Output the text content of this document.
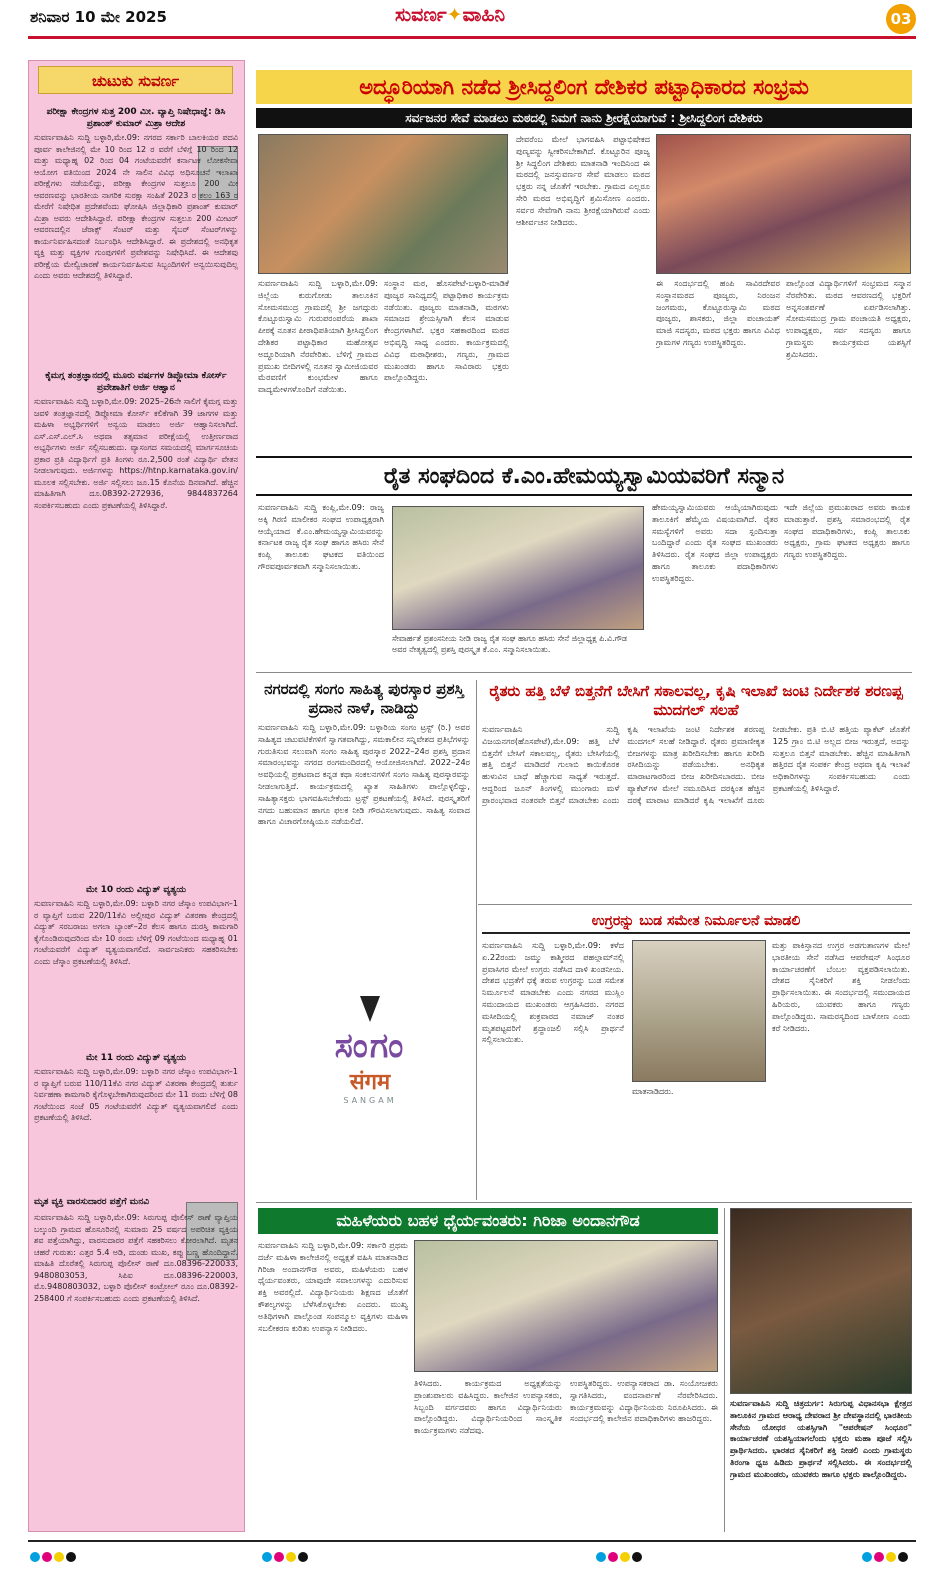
ಶನಿವಾರ 10 ಮೇ 2025	ಸುವರ್ಣ✦ವಾಹಿನಿ	03
ಚುಟುಕು ಸುವರ್ಣ
ಪರೀಕ್ಷಾ ಕೇಂದ್ರಗಳ ಸುತ್ತ 200 ಮೀ. ವ್ಯಾಪ್ತಿ ನಿಷೇಧಾಜ್ಞೆ: ಡಿಸಿ ಪ್ರಶಾಂತ್ ಕುಮಾರ್ ಮಿಶ್ರಾ ಆದೇಶ
ಸುವರ್ಣವಾಹಿನಿ ಸುದ್ದಿ ಬಳ್ಳಾರಿ,ಮೇ.09: ನಗರದ ಸರ್ಕಾರಿ ಬಾಲಕಿಯರ ಪದವಿ ಪೂರ್ವ ಕಾಲೇಜಿನಲ್ಲಿ ಮೇ 10 ರಿಂದ 12 ರ ವರೆಗೆ ಬೆಳಿಗ್ಗೆ 10 ರಿಂದ 12 ಮತ್ತು ಮಧ್ಯಾಹ್ನ 02 ರಿಂದ 04 ಗಂಟೆಯವರೆಗೆ ಕರ್ನಾಟಕ ಲೋಕಸೇವಾ ಆಯೋಗ ವತಿಯಿಂದ 2024 ನೇ ಸಾಲಿನ ವಿವಿಧ ಅಧಿಸೂಚನೆ ಇಲಾಖಾ ಪರೀಕ್ಷೆಗಳು ನಡೆಯಲಿದ್ದು, ಪರೀಕ್ಷಾ ಕೇಂದ್ರಗಳ ಸುತ್ತಲೂ 200 ಮೀ ಆವರಣವನ್ನು ಭಾರತೀಯ ನಾಗರಿಕ ಸುರಕ್ಷಾ ಸಂಹಿತೆ 2023 ರ ಕಲಂ 163 ರ ಮೇರೆಗೆ ನಿಷೇಧಿತ ಪ್ರದೇಶವೆಂದು ಘೋಷಿಸಿ ಜಿಲ್ಲಾಧಿಕಾರಿ ಪ್ರಶಾಂತ್ ಕುಮಾರ್ ಮಿಶ್ರಾ ಅವರು ಆದೇಶಿಸಿದ್ದಾರೆ. ಪರೀಕ್ಷಾ ಕೇಂದ್ರಗಳ ಸುತ್ತಲೂ 200 ಮೀಟರ್ ಆವರಣದಲ್ಲಿನ ಜೆರಾಕ್ಸ್ ಸೆಂಟರ್ ಮತ್ತು ಸೈಬರ್ ಸೆಂಟರ್‌ಗಳನ್ನು ಕಾರ್ಯನಿರ್ವಹಿಸದಂತೆ ನಿರ್ಬಂಧಿಸಿ ಆದೇಶಿಸಿದ್ದಾರೆ. ಈ ಪ್ರದೇಶದಲ್ಲಿ ಅನಧಿಕೃತ ವ್ಯಕ್ತಿ ಮತ್ತು ವ್ಯಕ್ತಿಗಳ ಗುಂಪುಗಳಿಗೆ ಪ್ರವೇಶವನ್ನು ನಿಷೇಧಿಸಿದೆ. ಈ ಆದೇಶವು ಪರೀಕ್ಷೆಯ ಮೇಲ್ವಿಚಾರಣೆ ಕಾರ್ಯನಿರ್ವಹಿಸುವ ಸಿಬ್ಬಂದಿಗಳಿಗೆ ಅನ್ವಯಿಸುವುದಿಲ್ಲ ಎಂದು ಅವರು ಆದೇಶದಲ್ಲಿ ತಿಳಿಸಿದ್ದಾರೆ.
ಕೈಮಗ್ಗ ತಂತ್ರಜ್ಞಾನದಲ್ಲಿ ಮೂರು ವರ್ಷಗಳ ಡಿಪ್ಲೋಮಾ ಕೋರ್ಸ್ ಪ್ರವೇಶಾತಿಗೆ ಅರ್ಜಿ ಆಹ್ವಾನ
ಸುವರ್ಣವಾಹಿನಿ ಸುದ್ದಿ ಬಳ್ಳಾರಿ,ಮೇ.09: 2025–26ನೇ ಸಾಲಿಗೆ ಕೈಮಗ್ಗ ಮತ್ತು ಜವಳಿ ತಂತ್ರಜ್ಞಾನದಲ್ಲಿ ಡಿಪ್ಲೋಮಾ ಕೋರ್ಸ್ ಕಲಿಕೆಗಾಗಿ 39 ಜಾಗಗಳ ಮತ್ತು ಮಹಿಳಾ ಅಭ್ಯರ್ಥಿಗಳಿಗೆ ಅನ್ವಯ ಮಾಡಲು ಅರ್ಜಿ ಆಹ್ವಾನಿಸಲಾಗಿದೆ. ಎಸ್.ಎಸ್.ಎಲ್.ಸಿ ಅಥವಾ ತತ್ಸಮಾನ ಪರೀಕ್ಷೆಯಲ್ಲಿ ಉತ್ತೀರ್ಣರಾದ ಅಭ್ಯರ್ಥಿಗಳು ಅರ್ಜಿ ಸಲ್ಲಿಸಬಹುದು. ವ್ಯಾಸಂಗದ ಸಮಯದಲ್ಲಿ ಮಾರ್ಗಸೂಚಿಯ ಪ್ರಕಾರ ಪ್ರತಿ ವಿದ್ಯಾರ್ಥಿಗೆ ಪ್ರತಿ ತಿಂಗಳು ರೂ.2,500 ರಂತೆ ವಿದ್ಯಾರ್ಥಿ ವೇತನ ನೀಡಲಾಗುವುದು. ಅರ್ಜಿಗಳನ್ನು https://htnp.karnataka.gov.in/ ಮೂಲಕ ಸಲ್ಲಿಸಬೇಕು. ಅರ್ಜಿ ಸಲ್ಲಿಸಲು ಜೂ.15 ಕೊನೆಯ ದಿನವಾಗಿದೆ. ಹೆಚ್ಚಿನ ಮಾಹಿತಿಗಾಗಿ ದೂ.08392-272936, 9844837264 ಸಂಪರ್ಕಿಸಬಹುದು ಎಂದು ಪ್ರಕಟಣೆಯಲ್ಲಿ ತಿಳಿಸಿದ್ದಾರೆ.
ಮೇ 10 ರಂದು ವಿದ್ಯುತ್ ವ್ಯತ್ಯಯ
ಸುವರ್ಣವಾಹಿನಿ ಸುದ್ದಿ ಬಳ್ಳಾರಿ,ಮೇ.09: ಬಳ್ಳಾರಿ ನಗರ ಜೆಸ್ಕಾಂ ಉಪವಿಭಾಗ–1 ರ ವ್ಯಾಪ್ತಿಗೆ ಬರುವ 220/11ಕೆವಿ ಅಲ್ಲೀಪುರ ವಿದ್ಯುತ್ ವಿತರಣಾ ಕೇಂದ್ರದಲ್ಲಿ ವಿದ್ಯುತ್ ಸರಬರಾಜು ಅಗಲಾ ಬ್ಯಾಂಕ್–2ರ ಕೆಲಸ ಹಾಗೂ ದುರಸ್ತಿ ಕಾಮಗಾರಿ ಕೈಗೊಂಡಿರುವುದರಿಂದ ಮೇ 10 ರಂದು ಬೆಳಿಗ್ಗೆ 09 ಗಂಟೆಯಿಂದ ಮಧ್ಯಾಹ್ನ 01 ಗಂಟೆಯವರೆಗೆ ವಿದ್ಯುತ್ ವ್ಯತ್ಯಯವಾಗಲಿದೆ. ಸಾರ್ವಜನಿಕರು ಸಹಕರಿಸಬೇಕು ಎಂದು ಜೆಸ್ಕಾಂ ಪ್ರಕಟಣೆಯಲ್ಲಿ ತಿಳಿಸಿದೆ.
ಮೇ 11 ರಂದು ವಿದ್ಯುತ್ ವ್ಯತ್ಯಯ
ಸುವರ್ಣವಾಹಿನಿ ಸುದ್ದಿ ಬಳ್ಳಾರಿ,ಮೇ.09: ಬಳ್ಳಾರಿ ನಗರ ಜೆಸ್ಕಾಂ ಉಪವಿಭಾಗ–1 ರ ವ್ಯಾಪ್ತಿಗೆ ಬರುವ 110/11ಕೆವಿ ನಗರ ವಿದ್ಯುತ್ ವಿತರಣಾ ಕೇಂದ್ರದಲ್ಲಿ ತುರ್ತು ನಿರ್ವಹಣಾ ಕಾಮಗಾರಿ ಕೈಗೊಳ್ಳಬೇಕಾಗಿರುವುದರಿಂದ ಮೇ 11 ರಂದು ಬೆಳಿಗ್ಗೆ 08 ಗಂಟೆಯಿಂದ ಸಂಜೆ 05 ಗಂಟೆಯವರೆಗೆ ವಿದ್ಯುತ್ ವ್ಯತ್ಯಯವಾಗಲಿದೆ ಎಂದು ಪ್ರಕಟಣೆಯಲ್ಲಿ ತಿಳಿಸಿದೆ.
ಮೃತ ವ್ಯಕ್ತಿ ವಾರಸುದಾರರ ಪತ್ತೆಗೆ ಮನವಿ
ಸುವರ್ಣವಾಹಿನಿ ಸುದ್ದಿ ಬಳ್ಳಾರಿ,ಮೇ.09: ಸಿರುಗುಪ್ಪ ಪೊಲೀಸ್ ಠಾಣೆ ವ್ಯಾಪ್ತಿಯ ಬಲ್ಕುಂದಿ ಗ್ರಾಮದ ಹೊಸೂರಿನಲ್ಲಿ ಸುಮಾರು 25 ವರ್ಷದ ಅಪರಿಚಿತ ವ್ಯಕ್ತಿಯ ಶವ ಪತ್ತೆಯಾಗಿದ್ದು, ವಾರಸುದಾರರ ಪತ್ತೆಗೆ ಸಹಕರಿಸಲು ಕೋರಲಾಗಿದೆ. ಮೃತನ ಚಹರೆ ಗುರುತು: ಎತ್ತರ 5.4 ಅಡಿ, ದುಂಡು ಮುಖ, ಕಪ್ಪು ಬಣ್ಣ ಹೊಂದಿದ್ದಾನೆ. ಮಾಹಿತಿ ದೊರೆತಲ್ಲಿ ಸಿರುಗುಪ್ಪ ಪೊಲೀಸ್ ಠಾಣೆ ದೂ.08396-220033, 9480803053, ಸಿಪಿಐ ದೂ.08396-220003, ಮೊ.9480803032, ಬಳ್ಳಾರಿ ಪೊಲೀಸ್ ಕಂಟ್ರೋಲ್ ರೂಂ ದೂ.08392-258400 ಗೆ ಸಂಪರ್ಕಿಸಬಹುದು ಎಂದು ಪ್ರಕಟಣೆಯಲ್ಲಿ ತಿಳಿಸಿದೆ.
ಅದ್ಧೂರಿಯಾಗಿ ನಡೆದ ಶ್ರೀಸಿದ್ದಲಿಂಗ ದೇಶಿಕರ ಪಟ್ಟಾಧಿಕಾರದ ಸಂಭ್ರಮ
ಸರ್ವಜನರ ಸೇವೆ ಮಾಡಲು ಮಠದಲ್ಲಿ ನಿಮಗೆ ನಾನು ಶ್ರೀರಕ್ಷೆಯಾಗುವೆ : ಶ್ರೀಸಿದ್ದಲಿಂಗ ದೇಶಿಕರು
ಸುವರ್ಣವಾಹಿನಿ ಸುದ್ದಿ ಬಳ್ಳಾರಿ,ಮೇ.09: ಜಿಲ್ಲೆಯ ಕುರುಗೋಡು ತಾಲೂಕಿನ ಸೋಮಸಮುದ್ರ ಗ್ರಾಮದಲ್ಲಿ ಶ್ರೀ ಜಗದ್ಗುರು ಕೊಟ್ಟೂರುಸ್ವಾಮಿ ಗುರುಪರಂಪರೆಯ ಶಾಖಾ ಪೀಠಕ್ಕೆ ನೂತನ ಪೀಠಾಧಿಪತಿಯಾಗಿ ಶ್ರೀಸಿದ್ದಲಿಂಗ ದೇಶಿಕರ ಪಟ್ಟಾಧಿಕಾರ ಮಹೋತ್ಸವ ಅದ್ಧೂರಿಯಾಗಿ ನೆರವೇರಿತು. ಬೆಳಿಗ್ಗೆ ಗ್ರಾಮದ ಪ್ರಮುಖ ಬೀದಿಗಳಲ್ಲಿ ನೂತನ ಸ್ವಾಮೀಜಿಯವರ ಮೆರವಣಿಗೆ ಕುಂಭಮೇಳ ಹಾಗೂ ವಾದ್ಯಮೇಳಗಳೊಂದಿಗೆ ನಡೆಯಿತು.
ಸಂಸ್ಥಾನ ಮಠ, ಹೊಸಪೇಟೆ-ಬಳ್ಳಾರಿ-ಮಾಡಿಕೆ ಪೂಜ್ಯರ ಸಾನಿಧ್ಯದಲ್ಲಿ ಪಟ್ಟಾಧಿಕಾರ ಕಾರ್ಯಕ್ರಮ ನಡೆಯಿತು. ಪೂಜ್ಯರು ಮಾತನಾಡಿ, ಮಠಗಳು ಸಮಾಜದ ಶ್ರೇಯಸ್ಸಿಗಾಗಿ ಕೆಲಸ ಮಾಡುವ ಕೇಂದ್ರಗಳಾಗಿವೆ. ಭಕ್ತರ ಸಹಕಾರದಿಂದ ಮಠದ ಅಭಿವೃದ್ಧಿ ಸಾಧ್ಯ ಎಂದರು. ಕಾರ್ಯಕ್ರಮದಲ್ಲಿ ವಿವಿಧ ಮಠಾಧೀಶರು, ಗಣ್ಯರು, ಗ್ರಾಮದ ಮುಖಂಡರು ಹಾಗೂ ಸಾವಿರಾರು ಭಕ್ತರು ಪಾಲ್ಗೊಂಡಿದ್ದರು.
ದೇವರೆಂಬ ಮೇಲೆ ಭಾಗವಹಿಸಿ ಪಟ್ಟಾಭಿಷೇಕದ ಪುಣ್ಯವನ್ನು ಸ್ವೀಕರಿಸಬೇಕಾಗಿದೆ. ಕೊಟ್ಟೂರಿನ ಪೂಜ್ಯ ಶ್ರೀ ಸಿದ್ಧಲಿಂಗ ದೇಶಿಕರು ಮಾತನಾಡಿ ಇಂದಿನಿಂದ ಈ ಮಠದಲ್ಲಿ ಜನಸ್ಸುವರ್ಣರ ಸೇವೆ ಮಾಡಲು ಮಠದ ಭಕ್ತರು ನನ್ನ ಜೊತೆಗೆ ಇರಬೇಕು. ಗ್ರಾಮದ ಎಲ್ಲರೂ ಸೇರಿ ಮಠದ ಅಭಿವೃದ್ಧಿಗೆ ಶ್ರಮಿಸೋಣ ಎಂದರು. ಸರ್ವರ ಸೇವೆಗಾಗಿ ನಾನು ಶ್ರೀರಕ್ಷೆಯಾಗಿರುವೆ ಎಂದು ಆಶೀರ್ವಚನ ನೀಡಿದರು.
ಈ ಸಂದರ್ಭದಲ್ಲಿ ಹಂಪಿ ಸಾವಿರದೇವರ ಸಂಸ್ಥಾನಮಠದ ಪೂಜ್ಯರು, ನಿರಂಜನ ಜಂಗಮರು, ಕೊಟ್ಟೂರುಸ್ವಾಮಿ ಮಠದ ಪೂಜ್ಯರು, ಶಾಸಕರು, ಜಿಲ್ಲಾ ಪಂಚಾಯತ್ ಮಾಜಿ ಸದಸ್ಯರು, ಮಠದ ಭಕ್ತರು ಹಾಗೂ ವಿವಿಧ ಗ್ರಾಮಗಳ ಗಣ್ಯರು ಉಪಸ್ಥಿತರಿದ್ದರು.
ಪಾಲ್ಗೊಂಡ ವಿದ್ಯಾರ್ಥಿಗಳಿಗೆ ಸಂಭ್ರಮದ ಸನ್ಮಾನ ನೆರವೇರಿತು. ಮಠದ ಆವರಣದಲ್ಲಿ ಭಕ್ತರಿಗೆ ಅನ್ನಸಂತರ್ಪಣೆ ಏರ್ಪಡಿಸಲಾಗಿತ್ತು. ಸೋಮಸಮುದ್ರ ಗ್ರಾಮ ಪಂಚಾಯತಿ ಅಧ್ಯಕ್ಷರು, ಉಪಾಧ್ಯಕ್ಷರು, ಸರ್ವ ಸದಸ್ಯರು ಹಾಗೂ ಗ್ರಾಮಸ್ಥರು ಕಾರ್ಯಕ್ರಮದ ಯಶಸ್ಸಿಗೆ ಶ್ರಮಿಸಿದರು.
ರೈತ ಸಂಘದಿಂದ ಕೆ.ಎಂ.ಹೇಮಯ್ಯಸ್ವಾಮಿಯವರಿಗೆ ಸನ್ಮಾನ
ಸುವರ್ಣವಾಹಿನಿ ಸುದ್ದಿ ಕಂಪ್ಲಿ,ಮೇ.09: ರಾಜ್ಯ ಅಕ್ಕಿ ಗಿರಣಿ ಮಾಲೀಕರ ಸಂಘದ ಉಪಾಧ್ಯಕ್ಷರಾಗಿ ಆಯ್ಕೆಯಾದ ಕೆ.ಎಂ.ಹೇಮಯ್ಯಸ್ವಾಮಿಯವರನ್ನು ಕರ್ನಾಟಕ ರಾಜ್ಯ ರೈತ ಸಂಘ ಹಾಗೂ ಹಸಿರು ಸೇನೆ ಕಂಪ್ಲಿ ತಾಲೂಕು ಘಟಕದ ವತಿಯಿಂದ ಗೌರವಪೂರ್ವಕವಾಗಿ ಸನ್ಮಾನಿಸಲಾಯಿತು.
ಸೇವಾರ್ಹತೆ ಪ್ರಶಂಸನೀಯ ನೀಡಿ ರಾಜ್ಯ ರೈತ ಸಂಘ ಹಾಗೂ ಹಸಿರು ಸೇನೆ ಜಿಲ್ಲಾಧ್ಯಕ್ಷ ಪಿ.ವಿ.ಗೌಡ ಅವರ ನೇತೃತ್ವದಲ್ಲಿ ಪ್ರಶಸ್ತಿ ಪುರಸ್ಕೃತ ಕೆ.ಎಂ. ಸನ್ಮಾನಿಸಲಾಯಿತು.
ಹೇಮಯ್ಯಸ್ವಾಮಿಯವರು ಆಯ್ಕೆಯಾಗಿರುವುದು ತಾಲೂಕಿಗೆ ಹೆಮ್ಮೆಯ ವಿಷಯವಾಗಿದೆ. ರೈತರ ಸಮಸ್ಯೆಗಳಿಗೆ ಅವರು ಸದಾ ಸ್ಪಂದಿಸುತ್ತಾ ಬಂದಿದ್ದಾರೆ ಎಂದು ರೈತ ಸಂಘದ ಮುಖಂಡರು ತಿಳಿಸಿದರು. ರೈತ ಸಂಘದ ಜಿಲ್ಲಾ ಉಪಾಧ್ಯಕ್ಷರು ಹಾಗೂ ತಾಲೂಕು ಪದಾಧಿಕಾರಿಗಳು ಉಪಸ್ಥಿತರಿದ್ದರು.
ಇದೇ ಜಿಲ್ಲೆಯ ಪ್ರಮುಖರಾದ ಅವರು ಕಾಯಕ ಮಾಡುತ್ತಾರೆ. ಪ್ರಶಸ್ತಿ ಸಮಾರಂಭದಲ್ಲಿ ರೈತ ಸಂಘದ ಪದಾಧಿಕಾರಿಗಳು, ಕಂಪ್ಲಿ ತಾಲೂಕು ಅಧ್ಯಕ್ಷರು, ಗ್ರಾಮ ಘಟಕದ ಅಧ್ಯಕ್ಷರು ಹಾಗೂ ಗಣ್ಯರು ಉಪಸ್ಥಿತರಿದ್ದರು.
ನಗರದಲ್ಲಿ ಸಂಗಂ ಸಾಹಿತ್ಯ ಪುರಸ್ಕಾರ ಪ್ರಶಸ್ತಿ ಪ್ರದಾನ ನಾಳೆ, ನಾಡಿದ್ದು
ಸುವರ್ಣವಾಹಿನಿ ಸುದ್ದಿ ಬಳ್ಳಾರಿ,ಮೇ.09: ಬಳ್ಳಾರಿಯ ಸಂಗಂ ಟ್ರಸ್ಟ್ (ರಿ.) ಅವರ ಸಾಹಿತ್ಯದ ಚಟುವಟಿಕೆಗಳಿಗೆ ಸ್ವಾಗತವಾಗಿದ್ದು, ಸಮಕಾಲೀನ ಸನ್ನಿವೇಶದ ಪ್ರತಿಭೆಗಳನ್ನು ಗುರುತಿಸುವ ಸಲುವಾಗಿ ಸಂಗಂ ಸಾಹಿತ್ಯ ಪುರಸ್ಕಾರ 2022–24ರ ಪ್ರಶಸ್ತಿ ಪ್ರದಾನ ಸಮಾರಂಭವನ್ನು ನಗರದ ರಂಗಮಂದಿರದಲ್ಲಿ ಆಯೋಜಿಸಲಾಗಿದೆ. 2022–24ರ ಅವಧಿಯಲ್ಲಿ ಪ್ರಕಟವಾದ ಕನ್ನಡ ಕಥಾ ಸಂಕಲನಗಳಿಗೆ ಸಂಗಂ ಸಾಹಿತ್ಯ ಪುರಸ್ಕಾರವನ್ನು ನೀಡಲಾಗುತ್ತಿದೆ. ಕಾರ್ಯಕ್ರಮದಲ್ಲಿ ಖ್ಯಾತ ಸಾಹಿತಿಗಳು ಪಾಲ್ಗೊಳ್ಳಲಿದ್ದು, ಸಾಹಿತ್ಯಾಸಕ್ತರು ಭಾಗವಹಿಸಬೇಕೆಂದು ಟ್ರಸ್ಟ್ ಪ್ರಕಟಣೆಯಲ್ಲಿ ತಿಳಿಸಿದೆ. ಪುರಸ್ಕೃತರಿಗೆ ನಗದು ಬಹುಮಾನ ಹಾಗೂ ಫಲಕ ನೀಡಿ ಗೌರವಿಸಲಾಗುವುದು. ಸಾಹಿತ್ಯ ಸಂವಾದ ಹಾಗೂ ವಿಚಾರಗೋಷ್ಠಿಯೂ ನಡೆಯಲಿದೆ.
ಸಂಗಂ
संगम
SANGAM
ರೈತರು ಹತ್ತಿ ಬೆಳೆ ಬಿತ್ತನೆಗೆ ಬೇಸಿಗೆ ಸಕಾಲವಲ್ಲ, ಕೃಷಿ ಇಲಾಖೆ ಜಂಟಿ ನಿರ್ದೇಶಕ ಶರಣಪ್ಪ ಮುದಗಲ್ ಸಲಹೆ
ಸುವರ್ಣವಾಹಿನಿ ಸುದ್ದಿ ವಿಜಯನಗರ(ಹೊಸಪೇಟೆ),ಮೇ.09: ಹತ್ತಿ ಬೆಳೆ ಬಿತ್ತನೆಗೆ ಬೇಸಿಗೆ ಸಕಾಲವಲ್ಲ, ರೈತರು ಬೇಸಿಗೆಯಲ್ಲಿ ಹತ್ತಿ ಬಿತ್ತನೆ ಮಾಡಿದರೆ ಗುಲಾಬಿ ಕಾಯಿಕೊರಕ ಹುಳುವಿನ ಬಾಧೆ ಹೆಚ್ಚಾಗುವ ಸಾಧ್ಯತೆ ಇರುತ್ತದೆ. ಆದ್ದರಿಂದ ಜೂನ್ ತಿಂಗಳಲ್ಲಿ ಮುಂಗಾರು ಮಳೆ ಪ್ರಾರಂಭವಾದ ನಂತರವೇ ಬಿತ್ತನೆ ಮಾಡಬೇಕು ಎಂದು ಕೃಷಿ ಇಲಾಖೆಯ ಜಂಟಿ ನಿರ್ದೇಶಕ ಶರಣಪ್ಪ ಮುದಗಲ್ ಸಲಹೆ ನೀಡಿದ್ದಾರೆ. ರೈತರು ಪ್ರಮಾಣೀಕೃತ ಬೀಜಗಳನ್ನು ಮಾತ್ರ ಖರೀದಿಸಬೇಕು ಹಾಗೂ ಖರೀದಿ ರಸೀದಿಯನ್ನು ಪಡೆಯಬೇಕು. ಅನಧಿಕೃತ ಮಾರಾಟಗಾರರಿಂದ ಬೀಜ ಖರೀದಿಸಬಾರದು. ಬೀಜ ಪ್ಯಾಕೆಟ್‌ಗಳ ಮೇಲೆ ನಮೂದಿಸಿದ ದರಕ್ಕಿಂತ ಹೆಚ್ಚಿನ ದರಕ್ಕೆ ಮಾರಾಟ ಮಾಡಿದರೆ ಕೃಷಿ ಇಲಾಖೆಗೆ ದೂರು ನೀಡಬೇಕು. ಪ್ರತಿ ಬಿ.ಟಿ ಹತ್ತಿಯ ಪ್ಯಾಕೆಟ್ ಜೊತೆಗೆ 125 ಗ್ರಾಂ ಬಿ.ಟಿ ಅಲ್ಲದ ಬೀಜ ಇರುತ್ತದೆ, ಅದನ್ನು ಸುತ್ತಲೂ ಬಿತ್ತನೆ ಮಾಡಬೇಕು. ಹೆಚ್ಚಿನ ಮಾಹಿತಿಗಾಗಿ ಹತ್ತಿರದ ರೈತ ಸಂಪರ್ಕ ಕೇಂದ್ರ ಅಥವಾ ಕೃಷಿ ಇಲಾಖೆ ಅಧಿಕಾರಿಗಳನ್ನು ಸಂಪರ್ಕಿಸಬಹುದು ಎಂದು ಪ್ರಕಟಣೆಯಲ್ಲಿ ತಿಳಿಸಿದ್ದಾರೆ.
ಉಗ್ರರನ್ನು ಬುಡ ಸಮೇತ ನಿರ್ಮೂಲನೆ ಮಾಡಲಿ
ಸುವರ್ಣವಾಹಿನಿ ಸುದ್ದಿ ಬಳ್ಳಾರಿ,ಮೇ.09: ಕಳೆದ ಏ.22ರಂದು ಜಮ್ಮು ಕಾಶ್ಮೀರದ ಪಹಲ್ಗಾಮ್‌ನಲ್ಲಿ ಪ್ರವಾಸಿಗರ ಮೇಲೆ ಉಗ್ರರು ನಡೆಸಿದ ದಾಳಿ ಖಂಡನೀಯ. ದೇಶದ ಭದ್ರತೆಗೆ ಧಕ್ಕೆ ತರುವ ಉಗ್ರರನ್ನು ಬುಡ ಸಮೇತ ನಿರ್ಮೂಲನೆ ಮಾಡಬೇಕು ಎಂದು ನಗರದ ಮುಸ್ಲಿಂ ಸಮುದಾಯದ ಮುಖಂಡರು ಆಗ್ರಹಿಸಿದರು. ನಗರದ ಮಸೀದಿಯಲ್ಲಿ ಶುಕ್ರವಾರದ ನಮಾಜ್ ನಂತರ ಮೃತಪಟ್ಟವರಿಗೆ ಶ್ರದ್ಧಾಂಜಲಿ ಸಲ್ಲಿಸಿ ಪ್ರಾರ್ಥನೆ ಸಲ್ಲಿಸಲಾಯಿತು.
ಮಾತನಾಡಿದರು.
ಮತ್ತು ಪಾಕಿಸ್ತಾನದ ಉಗ್ರರ ಅಡಗುತಾಣಗಳ ಮೇಲೆ ಭಾರತೀಯ ಸೇನೆ ನಡೆಸಿದ ಆಪರೇಷನ್ ಸಿಂಧೂರ ಕಾರ್ಯಾಚರಣೆಗೆ ಬೆಂಬಲ ವ್ಯಕ್ತಪಡಿಸಲಾಯಿತು. ದೇಶದ ಸೈನಿಕರಿಗೆ ಶಕ್ತಿ ನೀಡಲೆಂದು ಪ್ರಾರ್ಥಿಸಲಾಯಿತು. ಈ ಸಂದರ್ಭದಲ್ಲಿ ಸಮುದಾಯದ ಹಿರಿಯರು, ಯುವಕರು ಹಾಗೂ ಗಣ್ಯರು ಪಾಲ್ಗೊಂಡಿದ್ದರು. ಸಾಮರಸ್ಯದಿಂದ ಬಾಳೋಣ ಎಂದು ಕರೆ ನೀಡಿದರು.
ಮಹಿಳೆಯರು ಬಹಳ ಧೈರ್ಯವಂತರು: ಗಿರಿಜಾ ಅಂದಾನಗೌಡ
ಸುವರ್ಣವಾಹಿನಿ ಸುದ್ದಿ ಬಳ್ಳಾರಿ,ಮೇ.09: ಸರ್ಕಾರಿ ಪ್ರಥಮ ದರ್ಜೆ ಮಹಿಳಾ ಕಾಲೇಜಿನಲ್ಲಿ ಅಧ್ಯಕ್ಷತೆ ವಹಿಸಿ ಮಾತನಾಡಿದ ಗಿರಿಜಾ ಅಂದಾನಗೌಡ ಅವರು, ಮಹಿಳೆಯರು ಬಹಳ ಧೈರ್ಯವಂತರು, ಯಾವುದೇ ಸವಾಲುಗಳನ್ನು ಎದುರಿಸುವ ಶಕ್ತಿ ಅವರಲ್ಲಿದೆ. ವಿದ್ಯಾರ್ಥಿನಿಯರು ಶಿಕ್ಷಣದ ಜೊತೆಗೆ ಕೌಶಲ್ಯಗಳನ್ನು ಬೆಳೆಸಿಕೊಳ್ಳಬೇಕು ಎಂದರು. ಮುಖ್ಯ ಅತಿಥಿಗಳಾಗಿ ಪಾಲ್ಗೊಂಡ ಸಂಪನ್ಮೂಲ ವ್ಯಕ್ತಿಗಳು ಮಹಿಳಾ ಸಬಲೀಕರಣ ಕುರಿತು ಉಪನ್ಯಾಸ ನೀಡಿದರು.
ತಿಳಿಸಿದರು. ಕಾರ್ಯಕ್ರಮದ ಅಧ್ಯಕ್ಷತೆಯನ್ನು ಪ್ರಾಂಶುಪಾಲರು ವಹಿಸಿದ್ದರು. ಕಾಲೇಜಿನ ಉಪನ್ಯಾಸಕರು, ಸಿಬ್ಬಂದಿ ವರ್ಗದವರು ಹಾಗೂ ವಿದ್ಯಾರ್ಥಿನಿಯರು ಪಾಲ್ಗೊಂಡಿದ್ದರು. ವಿದ್ಯಾರ್ಥಿನಿಯರಿಂದ ಸಾಂಸ್ಕೃತಿಕ ಕಾರ್ಯಕ್ರಮಗಳು ನಡೆದವು.
ಉಪಸ್ಥಿತರಿದ್ದರು. ಉಪನ್ಯಾಸಕರಾದ ಡಾ. ಸಂಯೋಜಕರು ಸ್ವಾಗತಿಸಿದರು, ವಂದನಾರ್ಪಣೆ ನೆರವೇರಿಸಿದರು. ಕಾರ್ಯಕ್ರಮವನ್ನು ವಿದ್ಯಾರ್ಥಿನಿಯರು ನಿರೂಪಿಸಿದರು. ಈ ಸಂದರ್ಭದಲ್ಲಿ ಕಾಲೇಜಿನ ಪದಾಧಿಕಾರಿಗಳು ಹಾಜರಿದ್ದರು.
ಸುವರ್ಣವಾಹಿನಿ ಸುದ್ದಿ ಚಿತ್ರದುರ್ಗ: ಸಿರುಗುಪ್ಪ ವಿಧಾನಸಭಾ ಕ್ಷೇತ್ರದ ತಾಲೂಕಿನ ಗ್ರಾಮದ ಆರಾಧ್ಯ ದೇವರಾದ ಶ್ರೀ ದೇವಸ್ಥಾನದಲ್ಲಿ ಭಾರತೀಯ ಸೇನೆಯ ಯೋಧರ ಯಶಸ್ಸಿಗಾಗಿ "ಆಪರೇಷನ್ ಸಿಂಧೂರ" ಕಾರ್ಯಾಚರಣೆ ಯಶಸ್ವಿಯಾಗಲೆಂದು ಭಕ್ತರು ಮಹಾ ಪೂಜೆ ಸಲ್ಲಿಸಿ ಪ್ರಾರ್ಥಿಸಿದರು. ಭಾರತದ ಸೈನಿಕರಿಗೆ ಶಕ್ತಿ ನೀಡಲಿ ಎಂದು ಗ್ರಾಮಸ್ಥರು ತಿರಂಗಾ ಧ್ವಜ ಹಿಡಿದು ಪ್ರಾರ್ಥನೆ ಸಲ್ಲಿಸಿದರು. ಈ ಸಂದರ್ಭದಲ್ಲಿ ಗ್ರಾಮದ ಮುಖಂಡರು, ಯುವಕರು ಹಾಗೂ ಭಕ್ತರು ಪಾಲ್ಗೊಂಡಿದ್ದರು.
